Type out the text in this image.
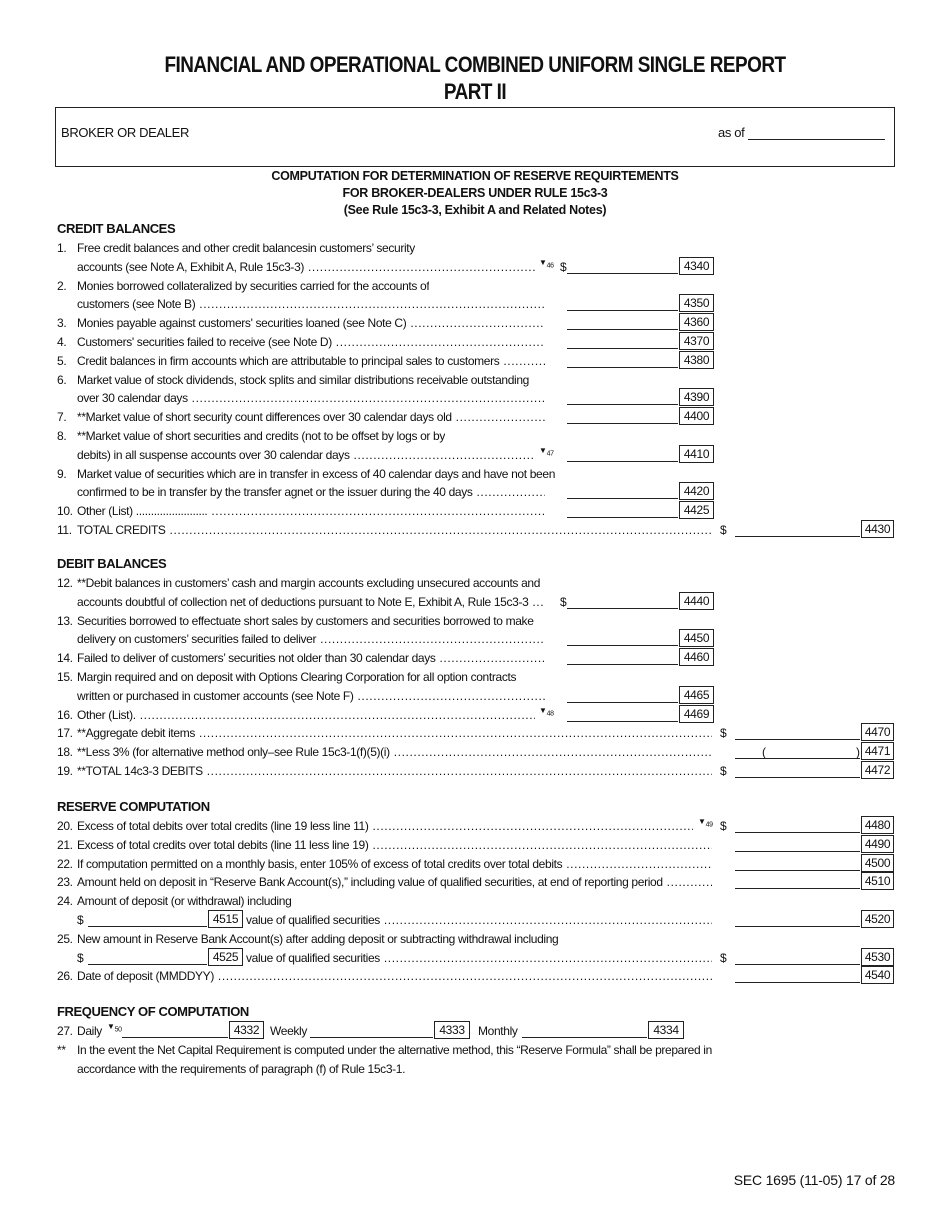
FINANCIAL AND OPERATIONAL COMBINED UNIFORM SINGLE REPORT
PART II
BROKER OR DEALER	as of
COMPUTATION FOR DETERMINATION OF RESERVE REQUIRTEMENTS
FOR BROKER-DEALERS UNDER RULE 15c3-3
(See Rule 15c3-3, Exhibit A and Related Notes)
CREDIT BALANCES
1. Free credit balances and other credit balancesin customers’ security
accounts (see Note A, Exhibit A, Rule 15c3-3) .....	$▼_{46}$ $	4340
2. Monies borrowed collateralized by securities carried for the accounts of
customers (see Note B) .....	4350
3. Monies payable against customers' securities loaned (see Note C) .....	4360
4. Customers' securities failed to receive (see Note D) .....	4370
5. Credit balances in firm accounts which are attributable to principal sales to customers .....	4380
6. Market value of stock dividends, stock splits and similar distributions receivable outstanding
over 30 calendar days .....	4390
7. **Market value of short security count differences over 30 calendar days old .....	4400
8. **Market value of short securities and credits (not to be offset by logs or by
debits) in all suspense accounts over 30 calendar days .....	$▼_{47}$	4410
9. Market value of securities which are in transfer in excess of 40 calendar days and have not been
confirmed to be in transfer by the transfer agnet or the issuer during the 40 days .....	4420
10. Other (List) ........................ .....	4425
11. TOTAL CREDITS .....	$	4430
DEBIT BALANCES
12. **Debit balances in customers’ cash and margin accounts excluding unsecured accounts and
accounts doubtful of collection net of deductions pursuant to Note E, Exhibit A, Rule 15c3-3 .....	$	4440
13. Securities borrowed to effectuate short sales by customers and securities borrowed to make
delivery on customers’ securities failed to deliver .....	4450
14. Failed to deliver of customers’ securities not older than 30 calendar days .....	4460
15. Margin required and on deposit with Options Clearing Corporation for all option contracts
written or purchased in customer accounts (see Note F) .....	4465
16. Other (List). .....	$▼_{48}$	4469
17. **Aggregate debit items .....	$	4470
18. **Less 3% (for alternative method only–see Rule 15c3-1(f)(5)(i) .....	(	) 4471
19. **TOTAL 14c3-3 DEBITS .....	$	4472
RESERVE COMPUTATION
20. Excess of total debits over total credits (line 19 less line 11) .....	$▼_{49}$ $	4480
21. Excess of total credits over total debits (line 11 less line 19) .....	4490
22. If computation permitted on a monthly basis, enter 105% of excess of total credits over total debits .....	4500
23. Amount held on deposit in “Reserve Bank Account(s),” including value of qualified securities, at end of reporting period .....	4510
24. Amount of deposit (or withdrawal) including
$	4515 value of qualified securities .....	4520
25. New amount in Reserve Bank Account(s) after adding deposit or subtracting withdrawal including
$	4525 value of qualified securities .....	$	4530
26. Date of deposit (MMDDYY) .....	4540
FREQUENCY OF COMPUTATION
27. Daily $▼_{50}$	4332 Weekly	4333	Monthly	4334
** In the event the Net Capital Requirement is computed under the alternative method, this “Reserve Formula” shall be prepared in
accordance with the requirements of paragraph (f) of Rule 15c3-1.
SEC 1695 (11-05) 17 of 28
